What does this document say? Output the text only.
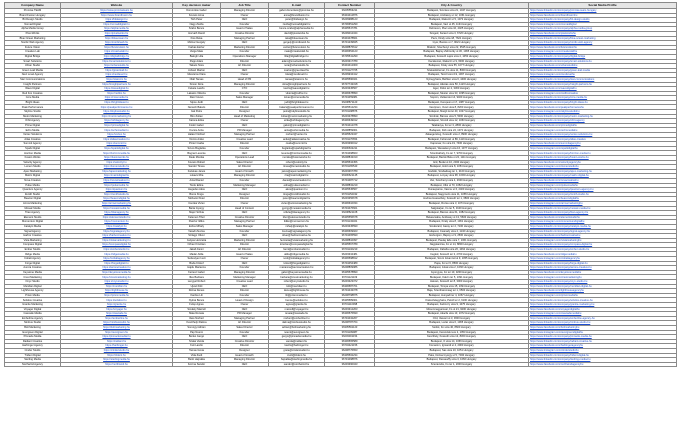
Company Name	Website	Key decision maker	Job Title	E-mail	Contact Number	City & Country	Social Media Profile
Promise TEAM	https://www.promiseteam.hu	Domonkos Gabor	Managing Director	gabor.domonkos@promise.hu	36205553211	Budapest, Szentes utca 21, 1047 Hungary	https://www.linkedin.com/company/promise-team-hungary
Brand Fusion Hungary	https://www.brandfusion.hu	Kovacs Anna	Owner	anna@brandfusion.hu	36304412876	Budapest, Andrassy ut 12, 1061 Hungary	https://www.facebook.com/brandfusionhu
Bit Design Studio	https://bitdesign.hu	Toth Peter	CEO	peter@bitdesign.hu	36209988123	Budapest, Rakoczi ut 5, 1072 Hungary	https://www.linkedin.com/company/bit-design-studio
Nomad Digital	https://nomaddigital.hu	Nagy Zsofia	Founder	zsofia@nomaddigital.hu	36706651290	Budapest, Vaci ut 45, 1134 Hungary	https://www.instagram.com/nomaddigital
Alpha Media Group	https://alphamedia.hu	Szabo Bence	Head of Sales	bence.szabo@alphamedia.hu	36305547781	Debrecen, Piac utca 10, 4025 Hungary	https://www.linkedin.com/company/alpha-media-group
Pixel Works	https://pixelworks.hu	Horvath David	Creative Director	david@pixelworks.hu	36209012344	Szeged, Karasz utca 3, 6720 Hungary	https://www.facebook.com/pixelworkshu
Blue Ocean Marketing	https://blueocean.hu	Kiss Reka	Managing Partner	reka@blueocean.hu	36304478821	Pecs, Kiraly utca 18, 7621 Hungary	https://www.linkedin.com/company/blue-ocean-marketing
Nordic Web Agency	https://nordicweb.hu	Molnar Gergely	CEO	gergely@nordicweb.hu	36701239845	Gyor, Baross ut 7, 9021 Hungary	https://www.linkedin.com/company/nordic-web-agency
Future Vision	https://futurevision.hu	Farkas Eszter	Marketing Director	eszter@futurevision.hu	36208876612	Miskolc, Szechenyi utca 22, 3525 Hungary	https://www.facebook.com/futurevisionhu
Creative Lab	https://creativelab.hu	Varga Mate	Founder	mate@creativelab.hu	36306654123	Budapest, Bajcsy-Zsilinszky ut 30, 1065 Hungary	https://www.instagram.com/creativelabhu
Digital Bridge	https://digitalbridge.hu	Balogh Lilla	Operations Manager	lilla@digitalbridge.hu	36705541290	Budapest, Kossuth Lajos utca 4, 1053 Hungary	https://www.linkedin.com/company/digital-bridge
Smart Solutions	https://smartsolutions.hu	Papp Adam	Director	adam@smartsolutions.hu	36203317789	Kecskemet, Rakoczi ut 9, 6000 Hungary	https://www.linkedin.com/company/smart-solutions-hu
Urban Studio	https://urbanstudio.hu	Takacs Nora	Art Director	nora@urbanstudio.hu	36304412009	Budapest, Kiraly utca 55, 1077 Hungary	https://www.facebook.com/urbanstudiohu
Green Leaf Media	https://greenleaf.hu	Juhasz Marton	CEO	marton@greenleaf.hu	36701127765	Szekesfehervar, Fo utca 11, 8000 Hungary	https://www.linkedin.com/company/green-leaf-media
Next Level Agency	https://nextlevel.hu	Meszaros Klara	Owner	klara@nextlevel.hu	36209934412	Budapest, Teréz korut 19, 1067 Hungary	https://www.instagram.com/nextlevelhu
Star Communications	https://starcom.hu	Olah Tamas	Head of PR	tamas@starcom.hu	36305590021	Nyiregyhaza, Bethlen utca 6, 4400 Hungary	https://www.linkedin.com/company/star-communications
Insight Partners	https://insightpartners.hu	Simon Dora	Managing Director	dora@insightpartners.hu	36707743318	Budapest, Alkotas utca 50, 1123 Hungary	https://www.linkedin.com/company/insight-partners-hu
Wave Digital	https://wavedigital.hu	Fekete Laszlo	CTO	laszlo@wavedigital.hu	36203345567	Eger, Dobo ter 2, 3300 Hungary	https://www.facebook.com/wavedigitalhu
Red Fox Creative	https://redfox.hu	Lakatos Viktoria	Founder	viktoria@redfox.hu	36306678890	Budapest, Mester utca 33, 1095 Hungary	https://www.instagram.com/redfoxcreative
Core Media	https://coremedia.hu	Racz Istvan	Sales Manager	istvan@coremedia.hu	36704459981	Sopron, Varkerulet 14, 9400 Hungary	https://www.linkedin.com/company/core-media-hu
Bright Ideas	https://brightideas.hu	Sipos Judit	CEO	judit@brightideas.hu	36208871123	Budapest, Kerepesi ut 17, 1087 Hungary	https://www.linkedin.com/company/bright-ideas-hu
Peak Performance	https://peakperformance.hu	Nemeth Balazs	Director	balazs@peakperformance.hu	36305512234	Veszprem, Ovari utca 8, 8200 Hungary	https://www.facebook.com/peakperformancehu
Skyline Studio	https://skylinestudio.hu	Gal Petra	Designer	petra@skylinestudio.hu	36701198876	Budapest, Margit korut 40, 1027 Hungary	https://www.instagram.com/skylinestudiohu
Metro Marketing	https://metromarketing.hu	Biro Zoltan	Head of Marketing	zoltan@metromarketing.hu	36203378890	Szolnok, Baross utca 5, 5000 Hungary	https://www.linkedin.com/company/metro-marketing-hu
Orbit Agency	https://orbitagency.hu	Katona Erika	Owner	erika@orbitagency.hu	36306649012	Budapest, Szondi utca 12, 1063 Hungary	https://www.linkedin.com/company/orbit-agency
Prime Digital	https://primedigital.hu	Fodor Gabor	CEO	gabor@primedigital.hu	36704412378	Tatabanya, Fo ter 3, 2800 Hungary	https://www.facebook.com/primedigitalhu
Echo Media	https://echomedia.hu	Kocsis Anita	PR Manager	anita@echomedia.hu	36208859901	Budapest, Dob utca 24, 1072 Hungary	https://www.instagram.com/echomediahu
Vertex Solutions	https://vertex.hu	Halasz Norbert	Managing Partner	norbert@vertex.hu	36305523347	Zalaegerszeg, Kossuth utca 2, 8900 Hungary	https://www.linkedin.com/company/vertex-solutions-hu
Atlas Creative	https://atlascreative.hu	Vincze Aniko	Creative Lead	aniko@atlascreative.hu	36701176654	Budapest, Fehervari ut 89, 1119 Hungary	https://www.linkedin.com/company/atlas-creative
Summit Agency	https://summit.hu	Pinter Csaba	Director	csaba@summit.hu	36203390012	Kaposvar, Fo utca 19, 7400 Hungary	https://www.facebook.com/summitagencyhu
Spark Digital	https://sparkdigital.hu	Szucs Boglarka	Founder	boglarka@sparkdigital.hu	36306632211	Budapest, Wesselenyi utca 16, 1077 Hungary	https://www.instagram.com/sparkdigitalhu
Horizon Media	https://horizonmedia.hu	Bognar Levente	CEO	levente@horizonmedia.hu	36704498823	Szombathely, Fo ter 7, 9700 Hungary	https://www.linkedin.com/company/horizon-media-hu
Fusion Works	https://fusionworks.hu	Deak Monika	Operations Lead	monika@fusionworks.hu	36208843310	Budapest, Bartok Bela ut 22, 1111 Hungary	https://www.linkedin.com/company/fusion-works-hu
Velocity Agency	https://velocity.hu	Kovacs Robert	Sales Director	robert@velocity.hu	36305534456	Erd, Budai ut 10, 2030 Hungary	https://www.facebook.com/velocityagencyhu
Lumen Studio	https://lumenstudio.hu	Sandor Timea	Art Director	timea@lumenstudio.hu	36701165543	Budapest, Hold utca 8, 1054 Hungary	https://www.instagram.com/lumenstudiohu
Apex Marketing	https://apexmarketing.hu	Fazekas Janos	Head of Growth	janos@apexmarketing.hu	36203367789	Godollo, Szabadsag ter 1, 2100 Hungary	https://www.linkedin.com/company/apex-marketing-hu
Matrix Digital	https://matrixdigital.hu	Lukacs Rita	Managing Director	rita@matrixdigital.hu	36306621145	Budapest, Lonyay utca 38, 1093 Hungary	https://www.linkedin.com/company/matrix-digital-hu
Nova Creative	https://novacreative.hu	Antal Daniel	Founder	daniel@novacreative.hu	36704487712	Vac, Szechenyi utca 4, 2600 Hungary	https://www.facebook.com/novacreativehu
Pulse Media	https://pulsemedia.hu	Torok Edina	Marketing Manager	edina@pulsemedia.hu	36208832219	Budapest, Ulloi ut 70, 1082 Hungary	https://www.instagram.com/pulsemediahu
Quantum Agency	https://quantum.hu	Hegedus Akos	CEO	akos@quantum.hu	36305545567	Dunaujvaros, Vasmu ut 6, 2400 Hungary	https://www.linkedin.com/company/quantum-agency-hu
Zenith Studio	https://zenithstudio.hu	Boros Kinga	Designer	kinga@zenithstudio.hu	36701154432	Budapest, Nagymezo utca 11, 1065 Hungary	https://www.linkedin.com/company/zenith-studio-hu
Beacon Digital	https://beacondigital.hu	Mohacsi Peter	Director	peter@beacondigital.hu	36203356678	Hodmezovasarhely, Kossuth ter 1, 6800 Hungary	https://www.facebook.com/beacondigitalhu
Arrow Marketing	https://arrowmarketing.hu	Csonka Vivien	Owner	vivien@arrowmarketing.hu	36306610034	Budapest, Rozsa utca 3, 1074 Hungary	https://www.instagram.com/arrowmarketinghu
Mosaic Media	https://mosaicmedia.hu	Barta Gyorgy	Head of Content	gyorgy@mosaicmedia.hu	36704476601	Salgotarjan, Fo ter 5, 3100 Hungary	https://www.linkedin.com/company/mosaic-media-hu
Titan Agency	https://titanagency.hu	Major Szilvia	CEO	szilvia@titanagency.hu	36208821108	Budapest, Baross utca 61, 1082 Hungary	https://www.linkedin.com/company/titan-agency-hu
Element Studio	https://elementstudio.hu	Kelemen Tibor	Creative Director	tibor@elementstudio.hu	36305556678	Bekescsaba, Andrassy ut 13, 5600 Hungary	https://www.facebook.com/elementstudiohu
Momentum Digital	https://momentum.hu	Pasztor Ildiko	Managing Partner	ildiko@momentum.hu	36701143321	Budapest, Kiraly utca 8, 1061 Hungary	https://www.instagram.com/momentumdigitalhu
Catalyst Media	https://catalyst.hu	Erdos Mihaly	Sales Manager	mihaly@catalyst.hu	36203345590	Szekszard, Garay ter 2, 7100 Hungary	https://www.linkedin.com/company/catalyst-media-hu
Signal Agency	https://signalagency.hu	Varadi Zsuzsa	Founder	zsuzsa@signalagency.hu	36306609923	Budapest, Csanady utca 4, 1132 Hungary	https://www.linkedin.com/company/signal-agency-hu
Harbor Creative	https://harborcreative.hu	Szilagyi Oliver	CEO	oliver@harborcreative.hu	36704465590	Esztergom, Bajcsy ut 9, 2500 Hungary	https://www.facebook.com/harborcreativehu
Vista Marketing	https://vistamarketing.hu	Gulyas Henrietta	Marketing Director	henrietta@vistamarketing.hu	36208810097	Budapest, Paulay Ede utca 7, 1061 Hungary	https://www.instagram.com/vistamarketinghu
Compass Digital	https://compassdigital.hu	Orban Krisztian	Director	krisztian@compassdigital.hu	36305567789	Nagykanizsa, Fo ut 14, 8800 Hungary	https://www.linkedin.com/company/compass-digital-hu
Ember Studio	https://emberstudio.hu	Jakab Fanni	Art Director	fanni@emberstudio.hu	36701132210	Budapest, Izabella utca 20, 1064 Hungary	https://www.linkedin.com/company/ember-studio-hu
Ridge Media	https://ridgemedia.hu	Madar Attila	Head of Sales	attila@ridgemedia.hu	36203334481	Cegled, Kossuth ter 3, 2700 Hungary	https://www.facebook.com/ridgemediahu
Cobalt Agency	https://cobaltagency.hu	Sebestyen Ivett	Owner	ivett@cobaltagency.hu	36306598812	Budapest, Szent Istvan korut 9, 1055 Hungary	https://www.instagram.com/cobaltagencyhu
Forge Digital	https://forgedigital.hu	Boda Kristof	CEO	kristof@forgedigital.hu	36704454489	Papa, Fo ter 6, 8500 Hungary	https://www.linkedin.com/company/forge-digital-hu
Aurora Creative	https://auroracreative.hu	Hajdu Marianna	Founder	marianna@auroracreative.hu	36208809986	Budapest, Jokai utca 2, 1066 Hungary	https://www.linkedin.com/company/aurora-creative-hu
Keystone Media	https://keystonemedia.hu	Kertesz Gabor	Managing Director	gabor@keystonemedia.hu	36305578890	Gyongyos, Fo ter 10, 3200 Hungary	https://www.facebook.com/keystonemediahu
Crest Marketing	https://crestmarketing.hu	Illes Barbara	Marketing Manager	barbara@crestmarketing.hu	36701121109	Budapest, Kalvin ter 5, 1091 Hungary	https://www.instagram.com/crestmarketinghu
Onyx Studio	https://onyxstudio.hu	Lengyel Robert	Creative Lead	robert@onyxstudio.hu	36203323372	Hatvan, Kossuth ter 8, 3000 Hungary	https://www.linkedin.com/company/onyx-studio-hu
Meridian Digital	https://meridian.hu	Ujvari Kitti	CEO	kitti@meridian.hu	36306587701	Budapest, Tompa utca 15, 1094 Hungary	https://www.linkedin.com/company/meridian-digital-hu
Lighthouse Agency	https://lighthouse.hu	Rozsa Denes	Director	denes@lighthouse.hu	36704443378	Baja, Szentharomsag ter 1, 6500 Hungary	https://www.facebook.com/lighthouseagencyhu
Prism Media	https://prismmedia.hu	Kardos Lili	Founder	lili@prismmedia.hu	36208798875	Budapest, Hunyadi ter 4, 1067 Hungary	https://www.instagram.com/prismmediahu
Solstice Creative	https://solstice.hu	Nyitrai Bence	Head of Design	bence@solstice.hu	36305589901	Kiskunfelegyhaza, Petofi ter 2, 6100 Hungary	https://www.linkedin.com/company/solstice-creative-hu
Granite Marketing	https://granite.hu	Fulop Agnes	Owner	agnes@granite.hu	36701110098	Budapest, Kazinczy utca 9, 1075 Hungary	https://www.linkedin.com/company/granite-marketing-hu
Voyager Digital	https://voyager.hu	Szekely Marcell	CEO	marcell@voyager.hu	36203312263	Mosonmagyarovar, Fo ut 21, 9200 Hungary	https://www.facebook.com/voyagerdigitalhu
Cascade Media	https://cascade.hu	Mate Renata	PR Manager	renata@cascade.hu	36306576690	Budapest, Akacfa utca 13, 1072 Hungary	https://www.instagram.com/cascademediahu
Emberline Agency	https://emberline.hu	Vass Norbert	Managing Partner	norbert@emberline.hu	36704432267	Ozd, Vasvari ut 3, 3600 Hungary	https://www.linkedin.com/company/emberline-agency-hu
Nimbus Studio	https://nimbusstudio.hu	Keszthelyi Dalma	Art Director	dalma@nimbusstudio.hu	36208787764	Budapest, Lazar utca 6, 1065 Hungary	https://www.linkedin.com/company/nimbus-studio-hu
Bolt Marketing	https://boltmarketing.hu	Somogyi Adrian	Sales Director	adrian@boltmarketing.hu	36305591123	Siofok, Fo utca 40, 8600 Hungary	https://www.facebook.com/boltmarketinghu
Evergreen Digital	https://evergreen.hu	Pap Noemi	Founder	noemi@evergreen.hu	36701109987	Budapest, Ferenciek tere 2, 1053 Hungary	https://www.instagram.com/evergreendigitalhu
Pinnacle Media	https://pinnaclemedia.hu	Benko Gergo	CEO	gergo@pinnaclemedia.hu	36203301154	Keszthely, Kossuth utca 12, 8360 Hungary	https://www.linkedin.com/company/pinnacle-media-hu
Radiant Creative	https://radiant.hu	Szalai Vanda	Creative Director	vanda@radiant.hu	36306565589	Budapest, Ó utca 14, 1066 Hungary	https://www.linkedin.com/company/radiant-creative-hu
Harbinger Agency	https://harbinger.hu	Kuti Laszlo	Director	laszlo@harbinger.hu	36704421156	Komarom, Igmandi ut 4, 2900 Hungary	https://www.facebook.com/harbingeragencyhu
Cinder Studio	https://cinderstudio.hu	Tamas Greta	Designer	greta@cinderstudio.hu	36208776653	Budapest, Sas utca 10, 1051 Hungary	https://www.instagram.com/cinderstudiohu
Trident Digital	https://trident.hu	Vida Zsolt	Head of Growth	zsolt@trident.hu	36305502234	Paks, Dozsa Gyorgy ut 5, 7030 Hungary	https://www.linkedin.com/company/trident-digital-hu
Sterling Media	https://sterlingmedia.hu	Berki Hajnalka	Managing Director	hajnalka@sterlingmedia.hu	36701098876	Budapest, Dessewffy utca 3, 1066 Hungary	https://www.linkedin.com/company/sterling-media-hu
Northwind Agency	https://northwind.hu	Kozma Sandor	CEO	sandor@northwind.hu	36203390043	Szentendre, Fo ter 1, 2000 Hungary	https://www.facebook.com/northwindagencyhu
